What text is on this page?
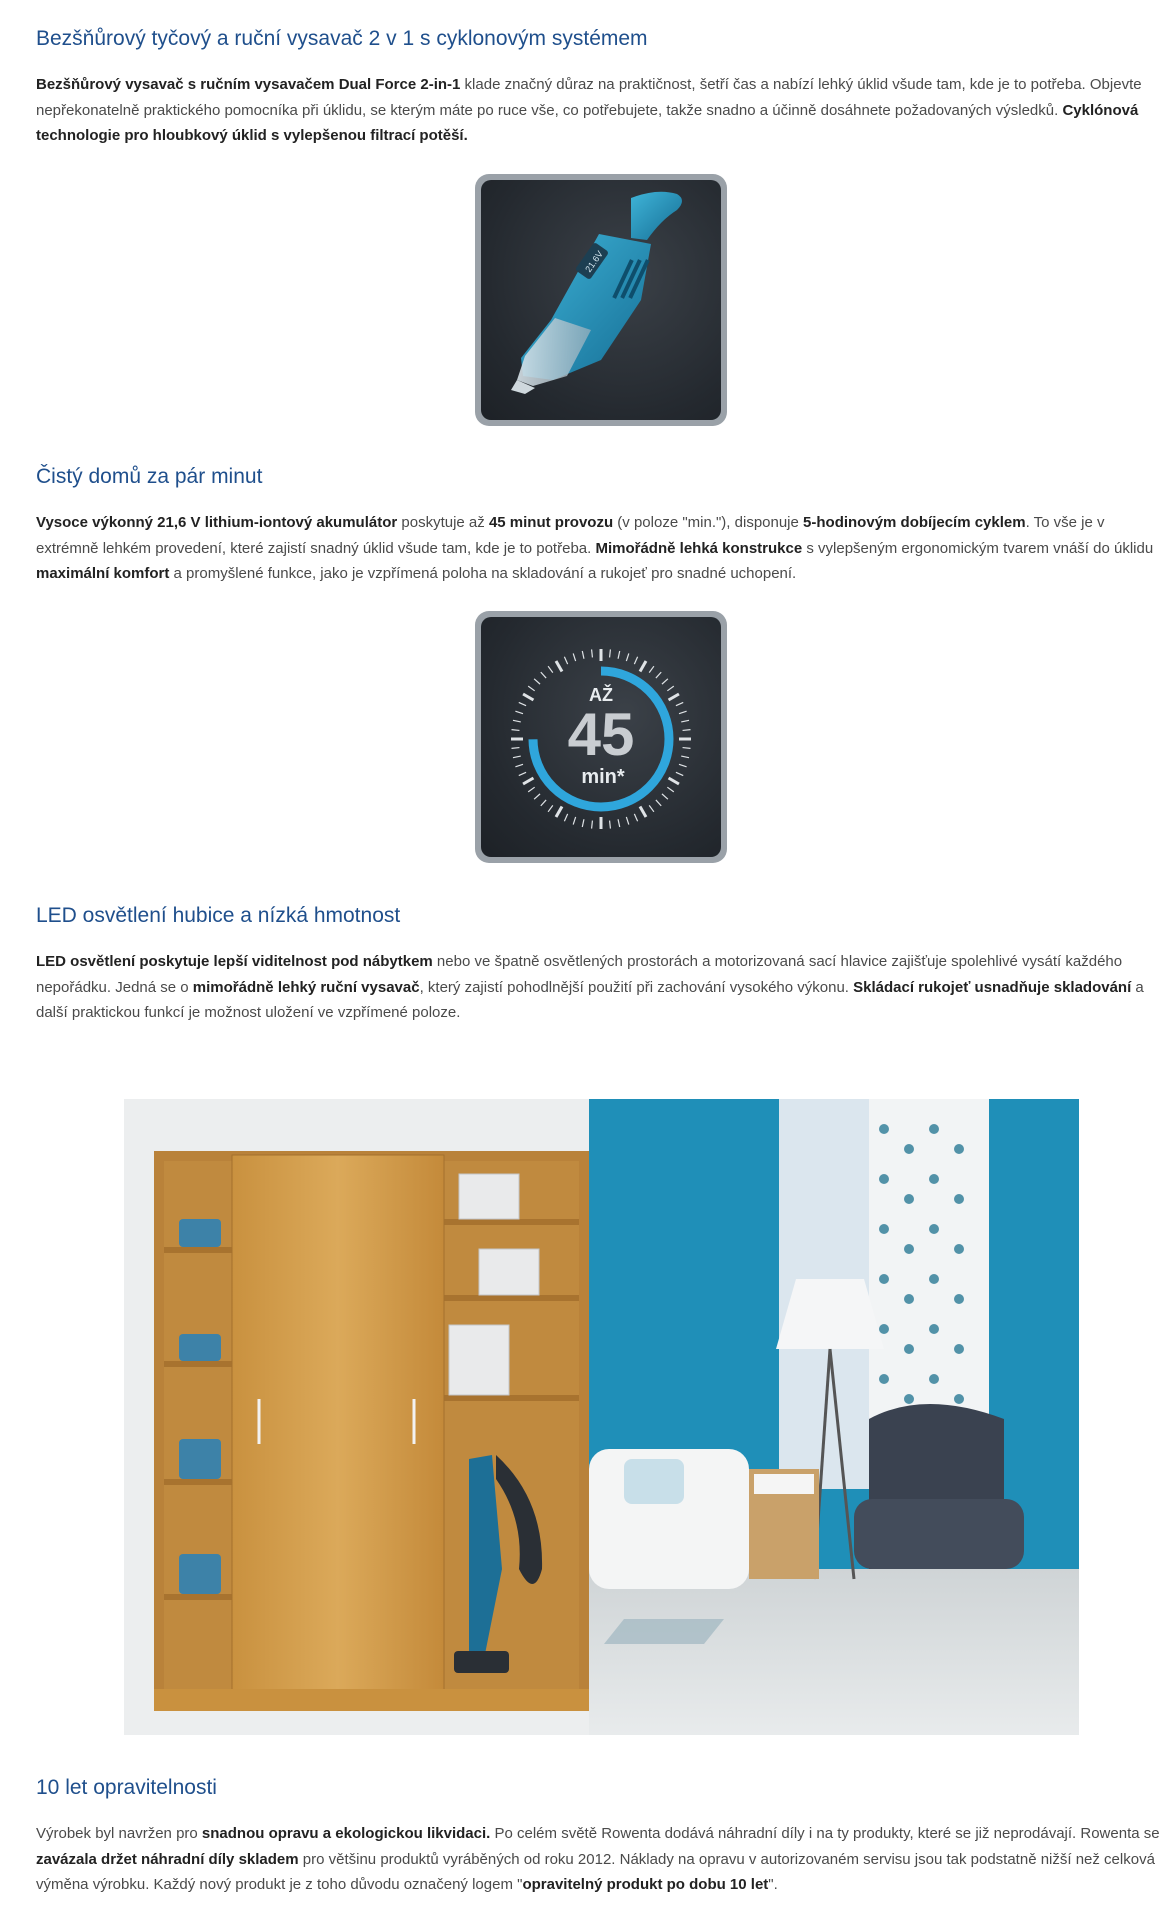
Bezšňůrový tyčový a ruční vysavač 2 v 1 s cyklonovým systémem

Bezšňůrový vysavač s ručním vysavačem Dual Force 2-in-1 klade značný důraz na praktičnost, šetří čas a nabízí lehký úklid všude tam, kde je to potřeba. Objevte nepřekonatelně praktického pomocníka při úklidu, se kterým máte po ruce vše, co potřebujete, takže snadno a účinně dosáhnete požadovaných výsledků. Cyklónová technologie pro hloubkový úklid s vylepšenou filtrací potěší.

21.6V
Čistý domů za pár minut

Vysoce výkonný 21,6 V lithium-iontový akumulátor poskytuje až 45 minut provozu (v poloze "min."), disponuje 5-hodinovým dobíjecím cyklem. To vše je v extrémně lehkém provedení, které zajistí snadný úklid všude tam, kde je to potřeba. Mimořádně lehká konstrukce s vylepšeným ergonomickým tvarem vnáší do úklidu maximální komfort a promyšlené funkce, jako je vzpřímená poloha na skladování a rukojeť pro snadné uchopení.

AŽ
45
min*
LED osvětlení hubice a nízká hmotnost

LED osvětlení poskytuje lepší viditelnost pod nábytkem nebo ve špatně osvětlených prostorách a motorizovaná sací hlavice zajišťuje spolehlivé vysátí každého nepořádku. Jedná se o mimořádně lehký ruční vysavač, který zajistí pohodlnější použití při zachování vysokého výkonu. Skládací rukojeť usnadňuje skladování a další praktickou funkcí je možnost uložení ve vzpřímené poloze.

10 let opravitelnosti

Výrobek byl navržen pro snadnou opravu a ekologickou likvidaci. Po celém světě Rowenta dodává náhradní díly i na ty produkty, které se již neprodávají. Rowenta se zavázala držet náhradní díly skladem pro většinu produktů vyráběných od roku 2012. Náklady na opravu v autorizovaném servisu jsou tak podstatně nižší než celková výměna výrobku. Každý nový produkt je z toho důvodu označený logem "opravitelný produkt po dobu 10 let".
